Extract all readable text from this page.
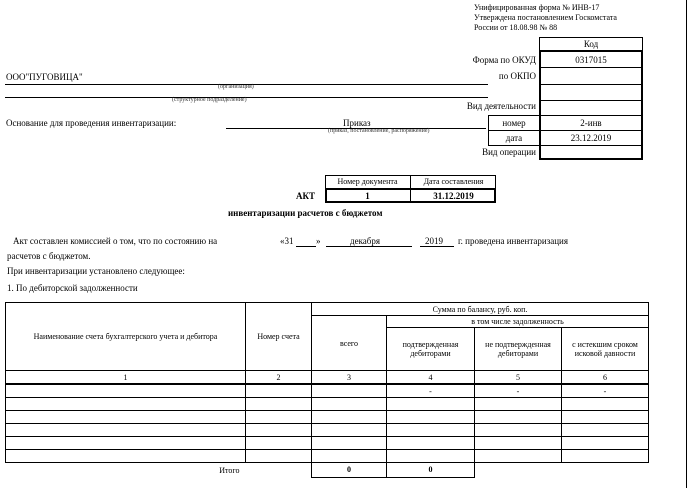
Унифицированная форма № ИНВ-17
Утверждена постановлением Госкомстата
России от 18.08.98 № 88
Код
Форма по ОКУД	0317015
по ОКПО
Вид деятельности
номер	2-инв
дата	23.12.2019
Вид операции
ООО"ПУГОВИЦА"
(организация)
(структурное подразделение)
Основание для проведения инвентаризации:	Приказ
(приказ, постановление, распоряжение)
Номер документа	Дата составления
1	31.12.2019
АКТ
инвентаризации расчетов с бюджетом
Акт составлен комиссией о том, что по состоянию на	«31	»	декабря	2019 г. проведена инвентаризация
расчетов с бюджетом.
При инвентаризации установлено следующее:
1. По дебиторской задолженности
Наименование счета бухгалтерского учета и дебитора	Номер счета	Сумма по балансу, руб. коп.			
		всего	в том числе задолженность		
			подтвержденная дебиторами	не подтвержденная дебиторами	с истекшим сроком исковой давности
1	2	3	4	5	6
			-	-	-

Итого		0	0		
